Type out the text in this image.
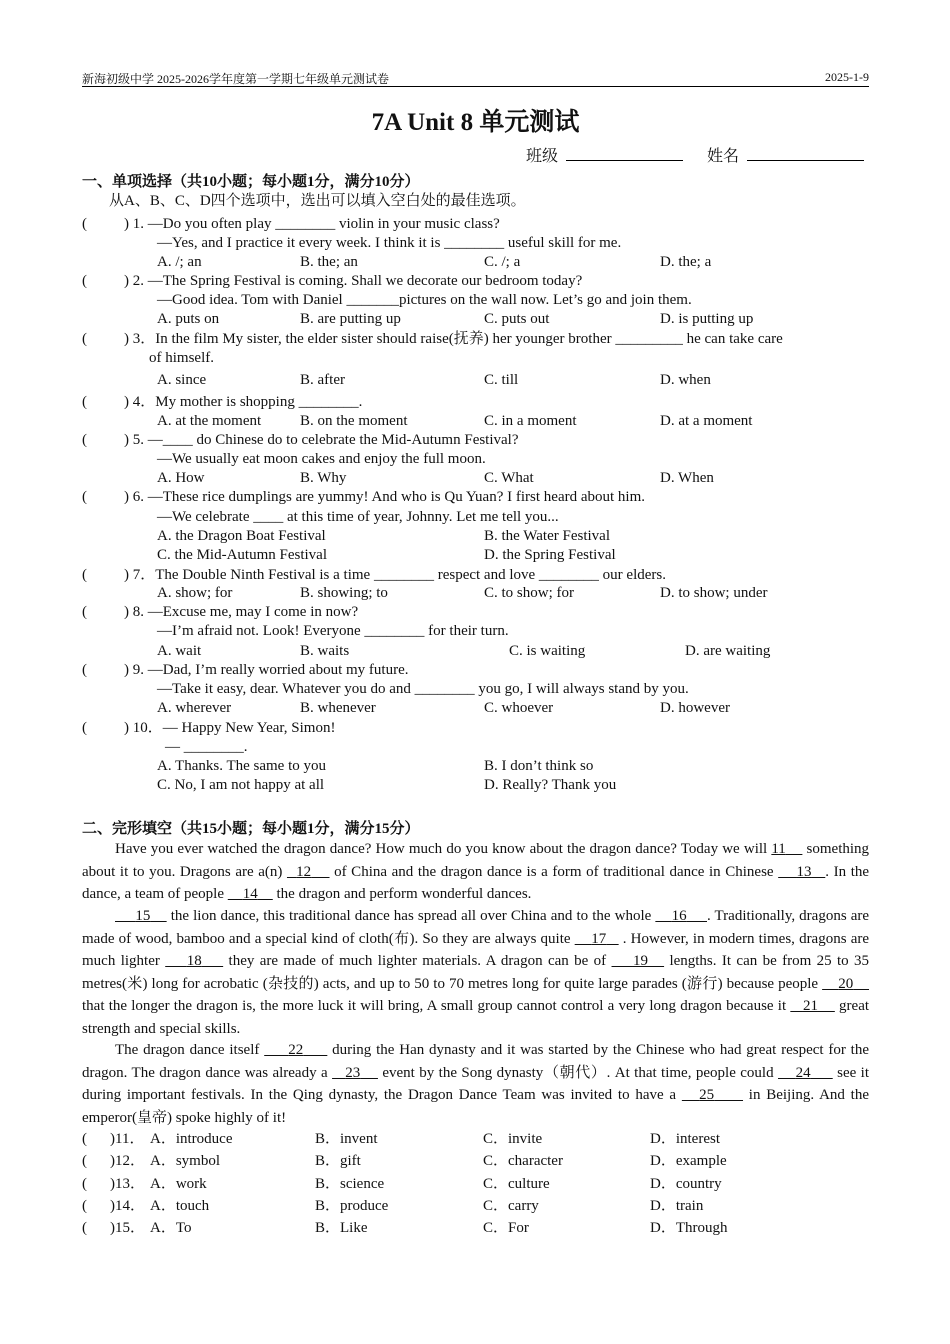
新海初级中学 2025-2026学年度第一学期七年级单元测试卷	2025-1-9
7A Unit 8 单元测试
班级	姓名
一、单项选择（共10小题；每小题1分，满分10分）
从A、B、C、D四个选项中，选出可以填入空白处的最佳选项。
( ) 1. —Do you often play ________ violin in your music class?
—Yes, and I practice it every week. I think it is ________ useful skill for me.
A. /; an	B. the; an	C. /; a	D. the; a
( ) 2. —The Spring Festival is coming. Shall we decorate our bedroom today?
—Good idea. Tom with Daniel _______pictures on the wall now. Let’s go and join them.
A. puts on	B. are putting up	C. puts out	D. is putting up
( ) 3．In the film My sister, the elder sister should raise(抚养) her younger brother _________ he can take care
of himself.
A. since	B. after	C. till	D. when
( ) 4．My mother is shopping ________.
A. at the moment	B. on the moment	C. in a moment	D. at a moment
( ) 5. —____ do Chinese do to celebrate the Mid-Autumn Festival?
—We usually eat moon cakes and enjoy the full moon.
A. How	B. Why	C. What	D. When
( ) 6. —These rice dumplings are yummy! And who is Qu Yuan? I first heard about him.
—We celebrate ____ at this time of year, Johnny. Let me tell you...
A. the Dragon Boat Festival	B. the Water Festival
C. the Mid-Autumn Festival	D. the Spring Festival
( ) 7．The Double Ninth Festival is a time ________ respect and love ________ our elders.
A. show; for	B. showing; to	C. to show; for	D. to show; under
( ) 8. —Excuse me, may I come in now?
—I’m afraid not. Look! Everyone ________ for their turn.
A. wait	B. waits	C. is waiting	D. are waiting
( ) 9. —Dad, I’m really worried about my future.
—Take it easy, dear. Whatever you do and ________ you go, I will always stand by you.
A. wherever	B. whenever	C. whoever	D. however
( ) 10．— Happy New Year, Simon!
— ________.
A. Thanks. The same to you	B. I don’t think so
C. No, I am not happy at all	D. Really? Thank you
二、完形填空（共15小题；每小题1分，满分15分）
Have you ever watched the dragon dance? How much do you know about the dragon dance? Today we will 11     something about it to you. Dragons are a(n)   12     of China and the dragon dance is a form of traditional dance in Chinese     13 . In the dance, a team of people     14     the dragon and perform wonderful dances.
15     the lion dance, this traditional dance has spread all over China and to the whole     16 . Traditionally, dragons are made of wood, bamboo and a special kind of cloth(布). So they are always quite     17    . However, in modern times, dragons are much lighter     18     they are made of much lighter materials. A dragon can be of     19    lengths. It can be from 25 to 35 metres(米) long for acrobatic (杂技的) acts, and up to 50 to 70 metres long for quite large parades (游行) because people     20     that the longer the dragon is, the more luck it will bring, A small group cannot control a very long dragon because it    21     great strength and special skills.
The dragon dance itself      22      during the Han dynasty and it was started by the Chinese who had great respect for the dragon. The dragon dance was already a    23     event by the Song dynasty（朝代）. At that time, people could     24      see it during important festivals. In the Qing dynasty, the Dragon Dance Team was invited to have a    25      in Beijing. And the emperor(皇帝) spoke highly of it!
( )11． A．introduce	B．invent	C．invite	D．interest
( )12． A．symbol	B．gift	C．character	D．example
( )13． A．work	B．science	C．culture	D．country
( )14． A．touch	B．produce	C．carry	D．train
( )15． A．To	B．Like	C．For	D．Through
